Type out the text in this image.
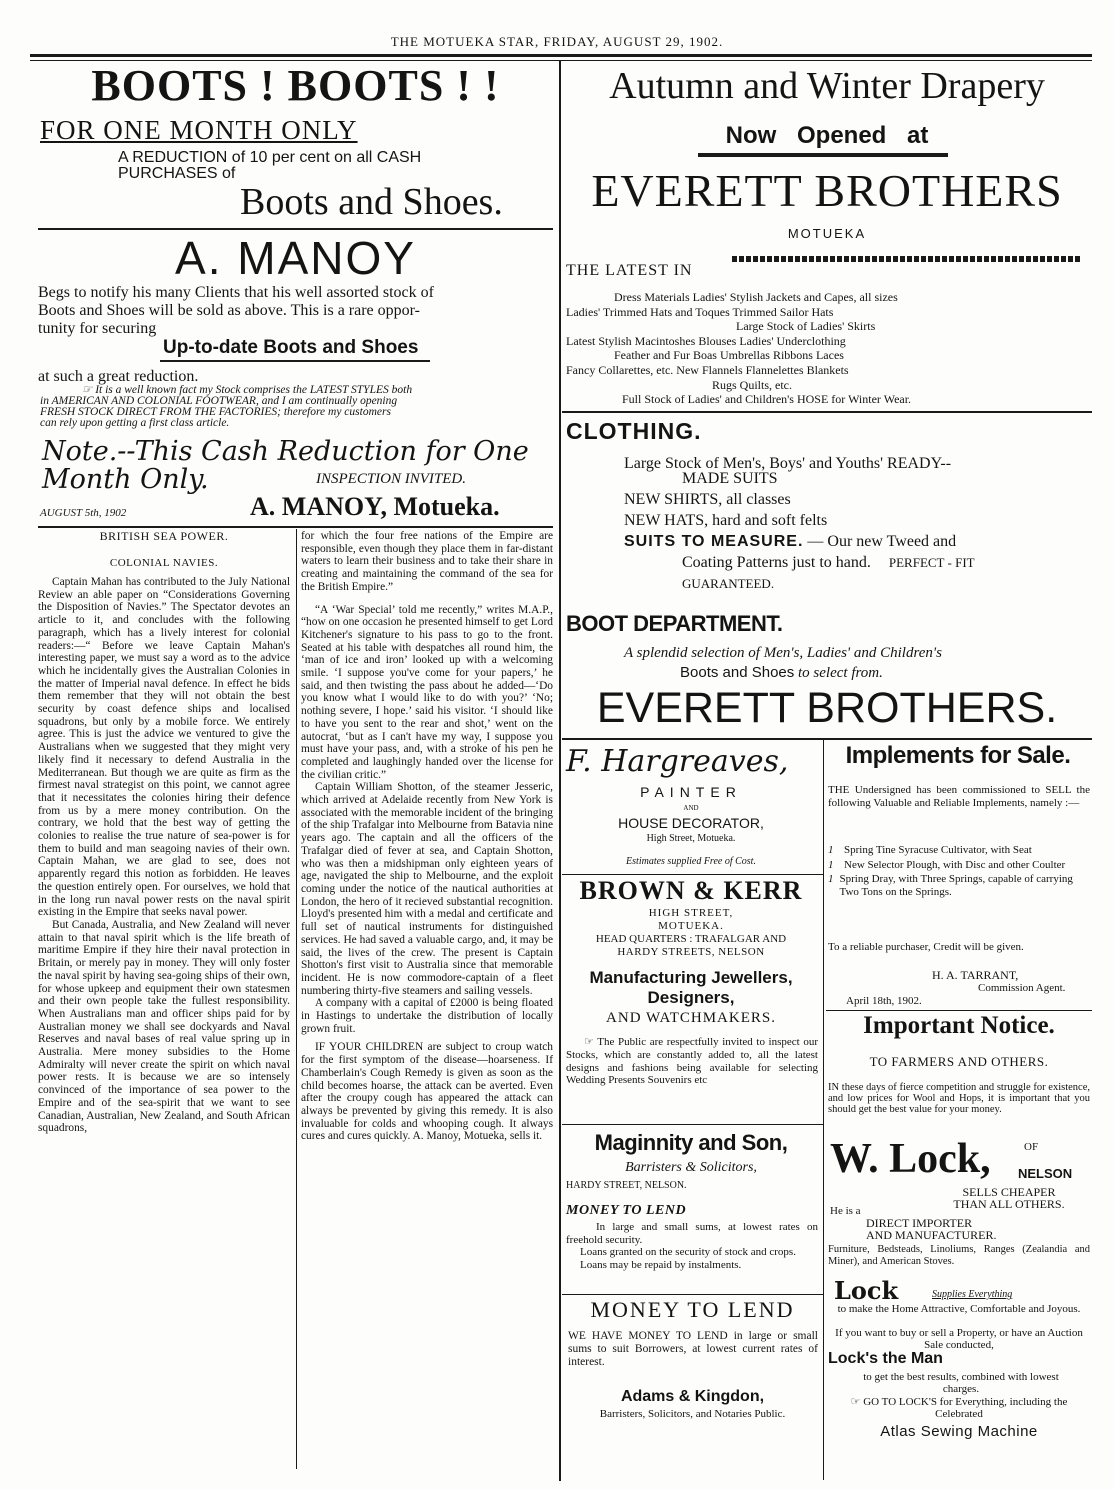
THE MOTUEKA STAR, FRIDAY, AUGUST 29, 1902.
BOOTS ! BOOTS ! !
FOR ONE MONTH ONLY
A REDUCTION of 10 per cent on all CASH
PURCHASES of
Boots and Shoes.
A. MANOY
Begs to notify his many Clients that his well assorted stock of
Boots and Shoes will be sold as above. This is a rare oppor-
tunity for securing
Up-to-date Boots and Shoes
at such a great reduction.
☞ It is a well known fact my Stock comprises the LATEST STYLES both
in AMERICAN AND COLONIAL FOOTWEAR, and I am continually opening
FRESH STOCK DIRECT FROM THE FACTORIES; therefore my customers
can rely upon getting a first class article.
Note.--This Cash Reduction for One
Month Only.	INSPECTION INVITED.
AUGUST 5th, 1902	A. MANOY, Motueka.
BRITISH SEA POWER.
COLONIAL NAVIES.

Captain Mahan has contributed to the July National Review an able paper on “Considerations Governing the Disposition of Navies.” The Spectator devotes an article to it, and concludes with the following paragraph, which has a lively interest for colonial readers:—“ Before we leave Captain Mahan's interesting paper, we must say a word as to the advice which he incidentally gives the Australian Colonies in the matter of Imperial naval defence. In effect he bids them remember that they will not obtain the best security by coast defence ships and localised squadrons, but only by a mobile force. We entirely agree. This is just the advice we ventured to give the Australians when we suggested that they might very likely find it necessary to defend Australia in the Mediterranean. But though we are quite as firm as the firmest naval strategist on this point, we cannot agree that it necessitates the colonies hiring their defence from us by a mere money contribution. On the contrary, we hold that the best way of getting the colonies to realise the true nature of sea-power is for them to build and man seagoing navies of their own. Captain Mahan, we are glad to see, does not apparently regard this notion as forbidden. He leaves the question entirely open. For ourselves, we hold that in the long run naval power rests on the naval spirit existing in the Empire that seeks naval power.

But Canada, Australia, and New Zealand will never attain to that naval spirit which is the life breath of maritime Empire if they hire their naval protection in Britain, or merely pay in money. They will only foster the naval spirit by having sea-going ships of their own, for whose upkeep and equipment their own statesmen and their own people take the fullest responsibility. When Australians man and officer ships paid for by Australian money we shall see dockyards and Naval Reserves and naval bases of real value spring up in Australia. Mere money subsidies to the Home Admiralty will never create the spirit on which naval power rests. It is because we are so intensely convinced of the importance of sea power to the Empire and of the sea-spirit that we want to see Canadian, Australian, New Zealand, and South African squadrons,

for which the four free nations of the Empire are responsible, even though they place them in far-distant waters to learn their business and to take their share in creating and maintaining the command of the sea for the British Empire.”

“A ‘War Special’ told me recently,” writes M.A.P., “how on one occasion he presented himself to get Lord Kitchener's signature to his pass to go to the front. Seated at his table with despatches all round him, the ‘man of ice and iron’ looked up with a welcoming smile. ‘I suppose you've come for your papers,’ he said, and then twisting the pass about he added—‘Do you know what I would like to do with you?’ ‘No; nothing severe, I hope.’ said his visitor. ‘I should like to have you sent to the rear and shot,’ went on the autocrat, ‘but as I can't have my way, I suppose you must have your pass, and, with a stroke of his pen he completed and laughingly handed over the license for the civilian critic.”

Captain William Shotton, of the steamer Jesseric, which arrived at Adelaide recently from New York is associated with the memorable incident of the bringing of the ship Trafalgar into Melbourne from Batavia nine years ago. The captain and all the officers of the Trafalgar died of fever at sea, and Captain Shotton, who was then a midshipman only eighteen years of age, navigated the ship to Melbourne, and the exploit coming under the notice of the nautical authorities at London, the hero of it recieved substantial recognition. Lloyd's presented him with a medal and certificate and full set of nautical instruments for distinguished services. He had saved a valuable cargo, and, it may be said, the lives of the crew. The present is Captain Shotton's first visit to Australia since that memorable incident. He is now commodore-captain of a fleet numbering thirty-five steamers and sailing vessels.

A company with a capital of £2000 is being floated in Hastings to undertake the distribution of locally grown fruit.

IF YOUR CHILDREN are subject to croup watch for the first symptom of the disease—hoarseness. If Chamberlain's Cough Remedy is given as soon as the child becomes hoarse, the attack can be averted. Even after the croupy cough has appeared the attack can always be prevented by giving this remedy. It is also invaluable for colds and whooping cough. It always cures and cures quickly. A. Manoy, Motueka, sells it.

Autumn and Winter Drapery
Now Opened at
EVERETT BROTHERS
MOTUEKA
THE LATEST IN
Dress Materials Ladies' Stylish Jackets and Capes, all sizes
Ladies' Trimmed Hats and Toques Trimmed Sailor Hats
Large Stock of Ladies' Skirts
Latest Stylish Macintoshes Blouses Ladies' Underclothing
Feather and Fur Boas Umbrellas Ribbons Laces
Fancy Collarettes, etc. New Flannels Flannelettes Blankets
Rugs Quilts, etc.
Full Stock of Ladies' and Children's HOSE for Winter Wear.
CLOTHING.
Large Stock of Men's, Boys' and Youths' READY--
MADE SUITS
NEW SHIRTS, all classes
NEW HATS, hard and soft felts
SUITS TO MEASURE. — Our new Tweed and
Coating Patterns just to hand. PERFECT - FIT
GUARANTEED.
BOOT DEPARTMENT.
A splendid selection of Men's, Ladies' and Children's
Boots and Shoes to select from.
EVERETT BROTHERS.
F. Hargreaves,
PAINTER
AND
HOUSE DECORATOR,
High Street, Motueka.
Estimates supplied Free of Cost.
BROWN & KERR
HIGH STREET,
MOTUEKA.
HEAD QUARTERS : TRAFALGAR AND
HARDY STREETS, NELSON
Manufacturing Jewellers,
Designers,
AND WATCHMAKERS.
☞ The Public are respectfully invited to inspect our Stocks, which are constantly added to, all the latest designs and fashions being available for selecting Wedding Presents Souvenirs etc
Maginnity and Son,
Barristers & Solicitors,
HARDY STREET, NELSON.
MONEY TO LEND
In large and small sums, at lowest rates on freehold security.
Loans granted on the security of stock and crops.
Loans may be repaid by instalments.
MONEY TO LEND
WE HAVE MONEY TO LEND in large or small sums to suit Borrowers, at lowest current rates of interest.
Adams & Kingdon,
Barristers, Solicitors, and Notaries Public.
Implements for Sale.
THE Undersigned has been commissioned to SELL the following Valuable and Reliable Implements, namely :—
1 Spring Tine Syracuse Cultivator, with Seat
1 New Selector Plough, with Disc and other Coulter
1 Spring Dray, with Three Springs, capable of carrying Two Tons on the Springs.
To a reliable purchaser, Credit will be given.
H. A. TARRANT,
Commission Agent.
April 18th, 1902.
Important Notice.
TO FARMERS AND OTHERS.
IN these days of fierce competition and struggle for existence, and low prices for Wool and Hops, it is important that you should get the best value for your money.
OF
W. Lock, NELSON
SELLS CHEAPER
THAN ALL OTHERS.
He is a
DIRECT IMPORTER
AND MANUFACTURER.
Furniture, Bedsteads, Linoliums, Ranges (Zealandia and Miner), and American Stoves.
Lock	Supplies Everything
to make the Home Attractive, Comfortable and Joyous.
If you want to buy or sell a Property, or have an Auction Sale conducted,
Lock's the Man
to get the best results, combined with lowest charges.
☞ GO TO LOCK'S for Everything, including the Celebrated
Atlas Sewing Machine
